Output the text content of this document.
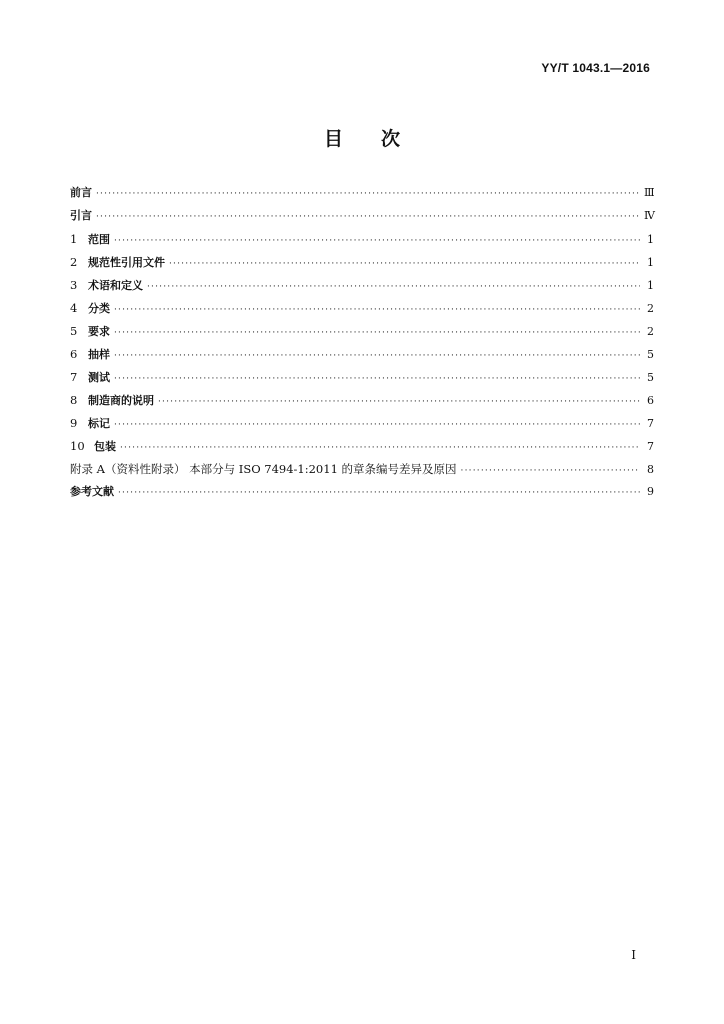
YY/T 1043.1—2016
目次
前言 ·····	Ⅲ
引言 ·····	Ⅳ
1 范围 ·····	1
2 规范性引用文件 ·····	1
3 术语和定义 ·····	1
4 分类 ·····	2
5 要求 ·····	2
6 抽样 ·····	5
7 测试 ·····	5
8 制造商的说明 ·····	6
9 标记 ·····	7
10 包装 ·····	7
附录 A（资料性附录） 本部分与 ISO 7494-1:2011 的章条编号差异及原因 ·····	8
参考文献 ·····	9
I
